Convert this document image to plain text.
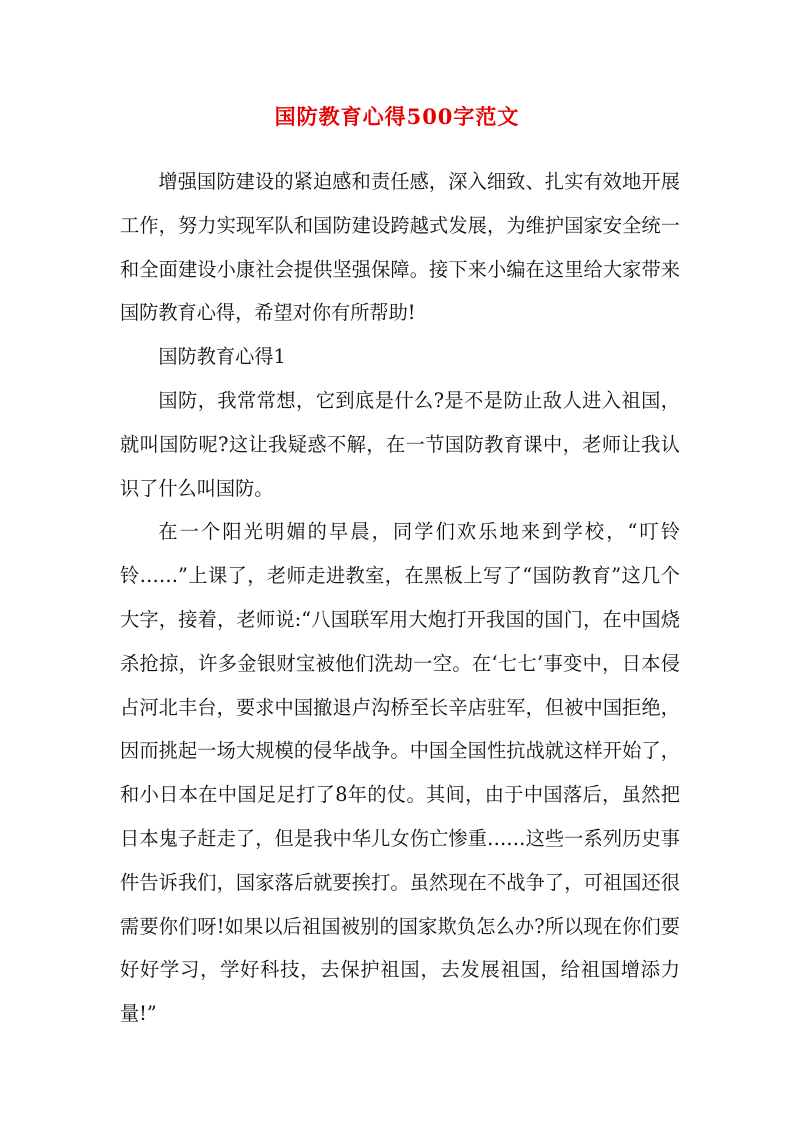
国防教育心得500字范文

增强国防建设的紧迫感和责任感，深入细致、扎实有效地开展工作，努力实现军队和国防建设跨越式发展，为维护国家安全统一和全面建设小康社会提供坚强保障。接下来小编在这里给大家带来国防教育心得，希望对你有所帮助!

国防教育心得1

国防，我常常想，它到底是什么?是不是防止敌人进入祖国，就叫国防呢?这让我疑惑不解，在一节国防教育课中，老师让我认识了什么叫国防。

在一个阳光明媚的早晨，同学们欢乐地来到学校，“叮铃铃……”上课了，老师走进教室，在黑板上写了“国防教育”这几个大字，接着，老师说:“八国联军用大炮打开我国的国门，在中国烧杀抢掠，许多金银财宝被他们洗劫一空。在‘七七’事变中，日本侵占河北丰台，要求中国撤退卢沟桥至长辛店驻军，但被中国拒绝，因而挑起一场大规模的侵华战争。中国全国性抗战就这样开始了，和小日本在中国足足打了8年的仗。其间，由于中国落后，虽然把日本鬼子赶走了，但是我中华儿女伤亡惨重……这些一系列历史事件告诉我们，国家落后就要挨打。虽然现在不战争了，可祖国还很需要你们呀!如果以后祖国被别的国家欺负怎么办?所以现在你们要好好学习，学好科技，去保护祖国，去发展祖国，给祖国增添力量!”
